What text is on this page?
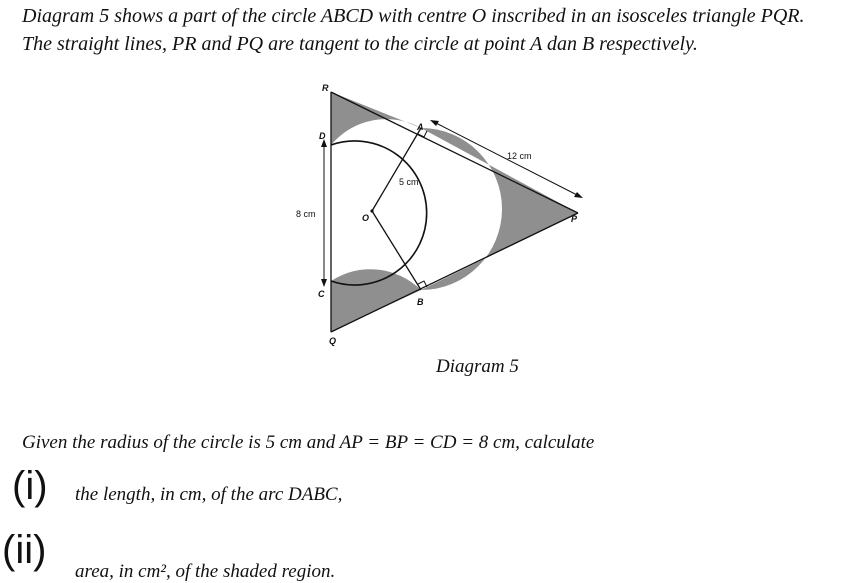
Diagram 5 shows a part of the circle ABCD with centre O inscribed in an isosceles triangle PQR. The straight lines, PR and PQ are tangent to the circle at point A dan B respectively.
R
D
A
O	P
C
B
Q
12 cm
5 cm
8 cm
Diagram 5
Given the radius of the circle is 5 cm and AP = BP = CD = 8 cm, calculate
(i) the length, in cm, of the arc DABC,
(ii) area, in cm², of the shaded region.
